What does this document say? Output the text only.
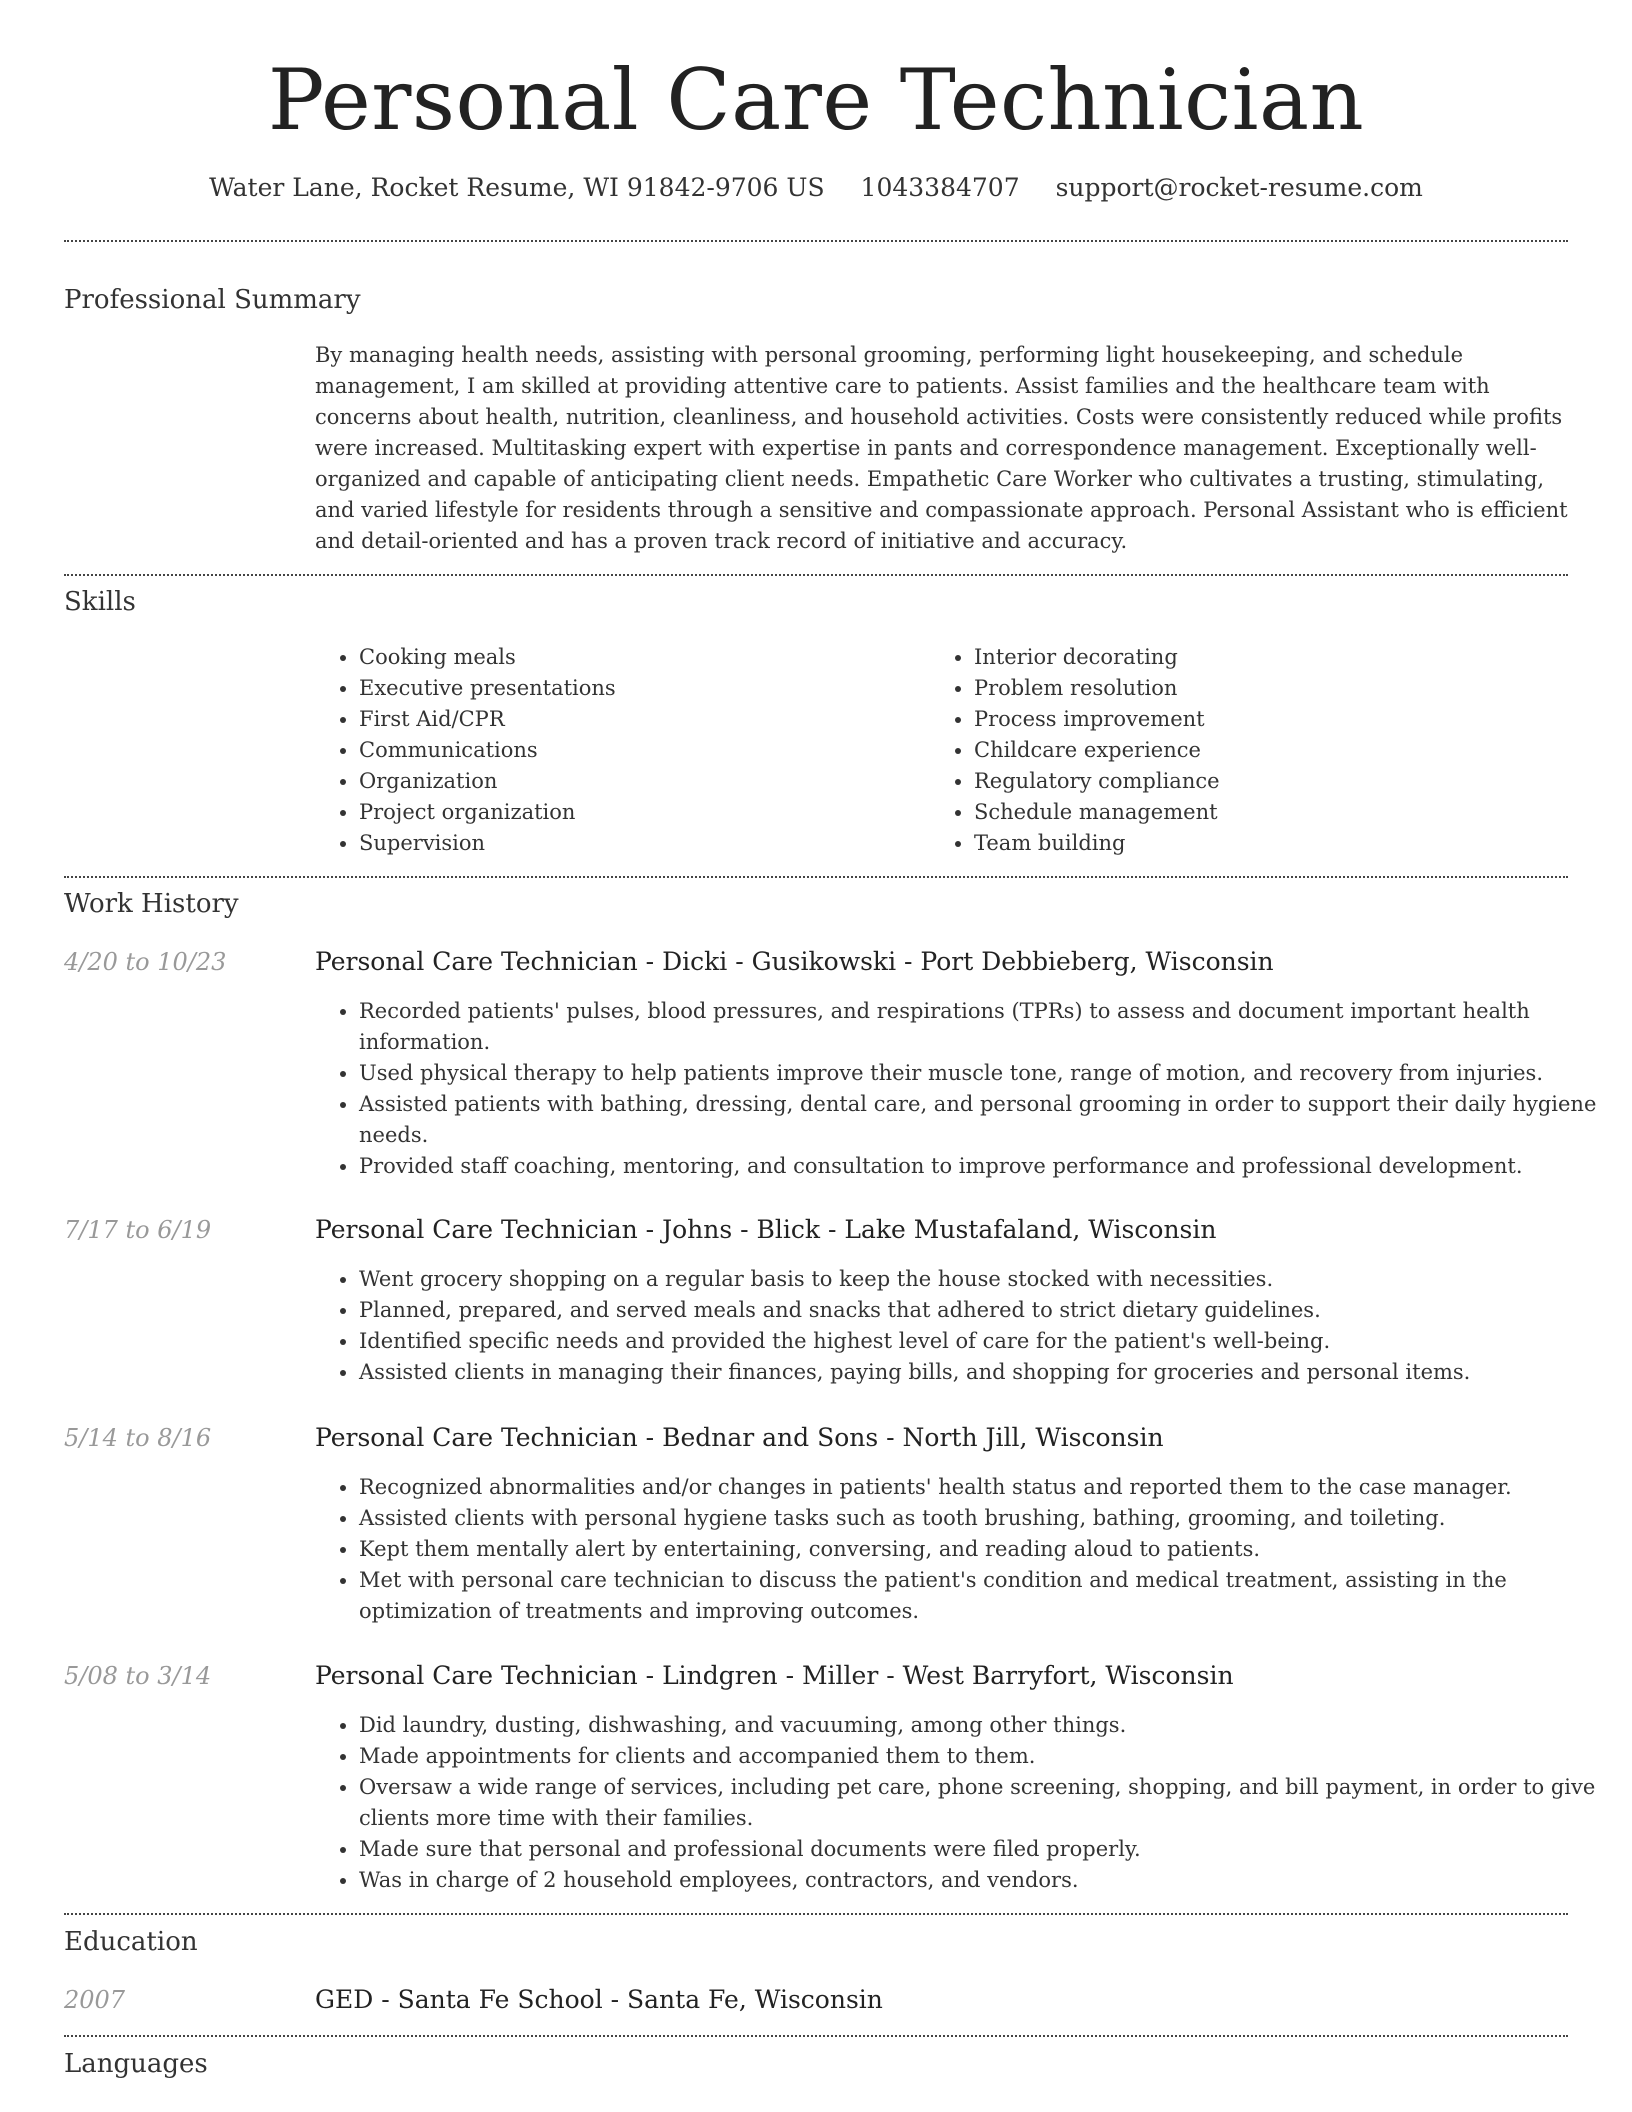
Personal Care Technician
Water Lane, Rocket Resume, WI 91842-9706 US 1043384707 support@rocket-resume.com
Professional Summary
By managing health needs, assisting with personal grooming, performing light housekeeping, and schedule management, I am skilled at providing attentive care to patients. Assist families and the healthcare team with concerns about health, nutrition, cleanliness, and household activities. Costs were consistently reduced while profits were increased. Multitasking expert with expertise in pants and correspondence management. Exceptionally well-organized and capable of anticipating client needs. Empathetic Care Worker who cultivates a trusting, stimulating, and varied lifestyle for residents through a sensitive and compassionate approach. Personal Assistant who is efficient and detail-oriented and has a proven track record of initiative and accuracy.
Skills
• Cooking meals
• Executive presentations
• First Aid/CPR
• Communications
• Organization
• Project organization
• Supervision
• Interior decorating
• Problem resolution
• Process improvement
• Childcare experience
• Regulatory compliance
• Schedule management
• Team building
Work History
4/20 to 10/23	Personal Care Technician - Dicki - Gusikowski - Port Debbieberg, Wisconsin
• Recorded patients' pulses, blood pressures, and respirations (TPRs) to assess and document important health information.
• Used physical therapy to help patients improve their muscle tone, range of motion, and recovery from injuries.
• Assisted patients with bathing, dressing, dental care, and personal grooming in order to support their daily hygiene needs.
• Provided staff coaching, mentoring, and consultation to improve performance and professional development.
7/17 to 6/19	Personal Care Technician - Johns - Blick - Lake Mustafaland, Wisconsin
• Went grocery shopping on a regular basis to keep the house stocked with necessities.
• Planned, prepared, and served meals and snacks that adhered to strict dietary guidelines.
• Identified specific needs and provided the highest level of care for the patient's well-being.
• Assisted clients in managing their finances, paying bills, and shopping for groceries and personal items.
5/14 to 8/16	Personal Care Technician - Bednar and Sons - North Jill, Wisconsin
• Recognized abnormalities and/or changes in patients' health status and reported them to the case manager.
• Assisted clients with personal hygiene tasks such as tooth brushing, bathing, grooming, and toileting.
• Kept them mentally alert by entertaining, conversing, and reading aloud to patients.
• Met with personal care technician to discuss the patient's condition and medical treatment, assisting in the optimization of treatments and improving outcomes.
5/08 to 3/14	Personal Care Technician - Lindgren - Miller - West Barryfort, Wisconsin
• Did laundry, dusting, dishwashing, and vacuuming, among other things.
• Made appointments for clients and accompanied them to them.
• Oversaw a wide range of services, including pet care, phone screening, shopping, and bill payment, in order to give clients more time with their families.
• Made sure that personal and professional documents were filed properly.
• Was in charge of 2 household employees, contractors, and vendors.
Education
2007	GED - Santa Fe School - Santa Fe, Wisconsin
Languages
